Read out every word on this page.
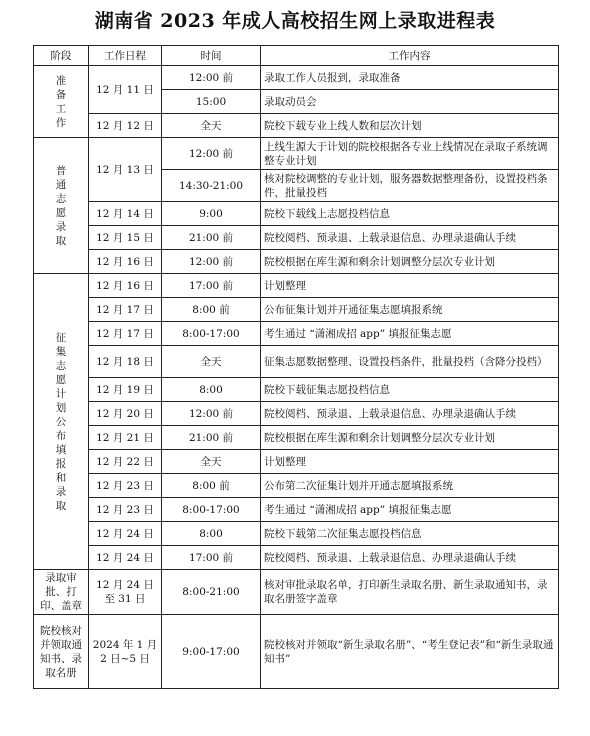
湖南省 2023 年成人高校招生网上录取进程表
阶段	工作日程	时间	工作内容
准备工作	12 月 11 日	12:00 前	录取工作人员报到，录取准备
		15:00	录取动员会
	12 月 12 日	全天	院校下载专业上线人数和层次计划
普通志愿录取	12 月 13 日	12:00 前	上线生源大于计划的院校根据各专业上线情况在录取子系统调整专业计划
		14:30-21:00	核对院校调整的专业计划，服务器数据整理备份，设置投档条件，批量投档
	12 月 14 日	9:00	院校下载线上志愿投档信息
	12 月 15 日	21:00 前	院校阅档、预录退、上载录退信息、办理录退确认手续
	12 月 16 日	12:00 前	院校根据在库生源和剩余计划调整分层次专业计划
征集志愿计划公布填报和录取	12 月 16 日	17:00 前	计划整理
	12 月 17 日	8:00 前	公布征集计划并开通征集志愿填报系统
	12 月 17 日	8:00-17:00	考生通过 “潇湘成招 app” 填报征集志愿
	12 月 18 日	全天	征集志愿数据整理、设置投档条件，批量投档（含降分投档）
	12 月 19 日	8:00	院校下载征集志愿投档信息
	12 月 20 日	12:00 前	院校阅档、预录退、上载录退信息、办理录退确认手续
	12 月 21 日	21:00 前	院校根据在库生源和剩余计划调整分层次专业计划
	12 月 22 日	全天	计划整理
	12 月 23 日	8:00 前	公布第二次征集计划并开通志愿填报系统
	12 月 23 日	8:00-17:00	考生通过 “潇湘成招 app” 填报征集志愿
	12 月 24 日	8:00	院校下载第二次征集志愿投档信息
	12 月 24 日	17:00 前	院校阅档、预录退、上载录退信息、办理录退确认手续
录取审批、打印、盖章	12 月 24 日至 31 日	8:00-21:00	核对审批录取名单，打印新生录取名册、新生录取通知书，录取名册签字盖章
院校核对并领取通知书、录取名册	2024 年 1 月 2 日~5 日	9:00-17:00	院校核对并领取“新生录取名册”、“考生登记表”和“新生录取通知书”
